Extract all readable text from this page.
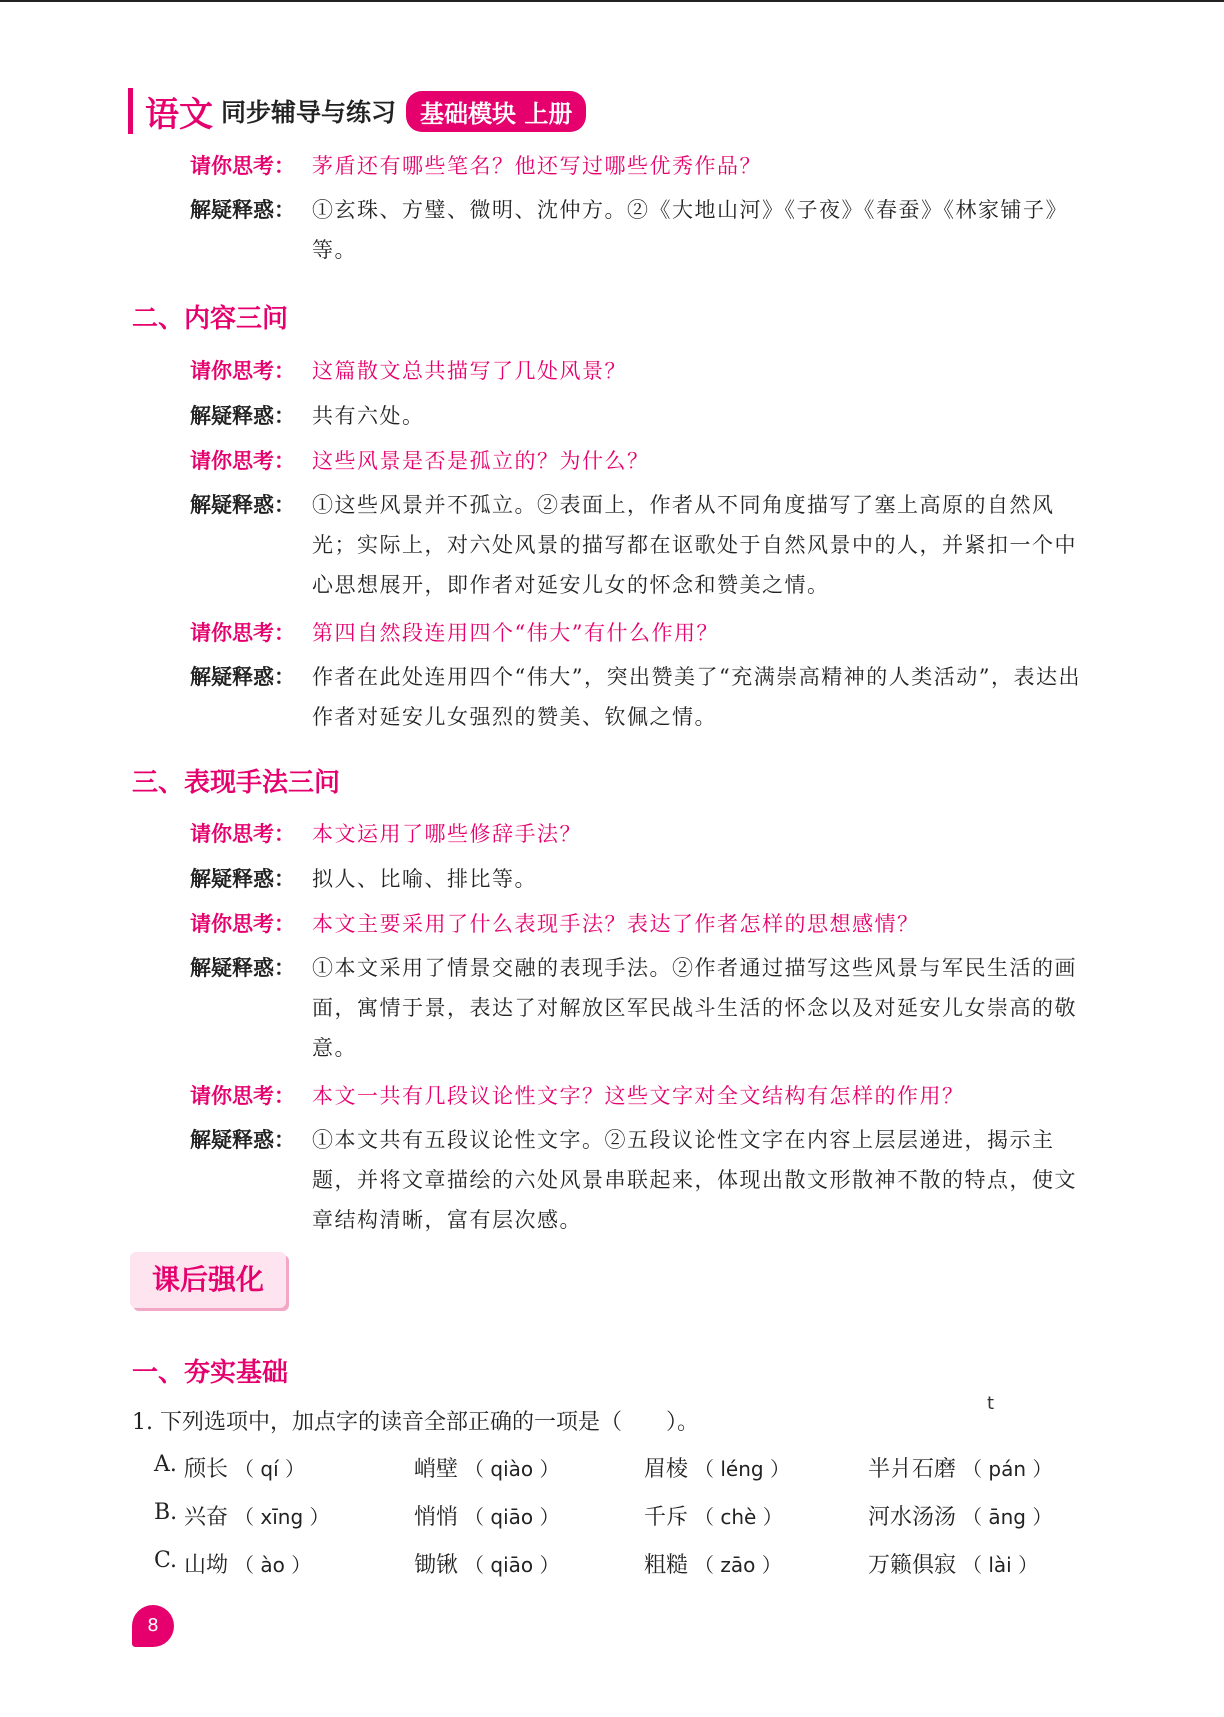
语文 同步辅导与练习	基础模块 上册
请你思考： 茅盾还有哪些笔名？他还写过哪些优秀作品？
解疑释惑： ①玄珠、方璧、微明、沈仲方。②《大地山河》《子夜》《春蚕》《林家铺子》等。
二、内容三问
请你思考： 这篇散文总共描写了几处风景？
解疑释惑： 共有六处。
请你思考： 这些风景是否是孤立的？为什么？
解疑释惑： ①这些风景并不孤立。②表面上，作者从不同角度描写了塞上高原的自然风光；实际上，对六处风景的描写都在讴歌处于自然风景中的人，并紧扣一个中心思想展开，即作者对延安儿女的怀念和赞美之情。
请你思考： 第四自然段连用四个“伟大”有什么作用？
解疑释惑： 作者在此处连用四个“伟大”，突出赞美了“充满崇高精神的人类活动”，表达出作者对延安儿女强烈的赞美、钦佩之情。
三、表现手法三问
请你思考： 本文运用了哪些修辞手法？
解疑释惑： 拟人、比喻、排比等。
请你思考： 本文主要采用了什么表现手法？表达了作者怎样的思想感情？
解疑释惑： ①本文采用了情景交融的表现手法。②作者通过描写这些风景与军民生活的画面，寓情于景，表达了对解放区军民战斗生活的怀念以及对延安儿女崇高的敬意。
请你思考： 本文一共有几段议论性文字？这些文字对全文结构有怎样的作用？
解疑释惑： ①本文共有五段议论性文字。②五段议论性文字在内容上层层递进，揭示主题，并将文章描绘的六处风景串联起来，体现出散文形散神不散的特点，使文章结构清晰，富有层次感。
课后强化
一、夯实基础
1. 下列选项中，加点字的读音全部正确的一项是（　　）。
t
A. 颀长 （ qí ）	峭壁 （ qiào ）	眉棱 （ léng ）	半爿石磨 （ pán ）
B. 兴奋 （ xīng ）	悄悄 （ qiāo ）	千斥 （ chè ）	河水汤汤 （ āng ）
C. 山坳 （ ào ）	锄锹 （ qiāo ）	粗糙 （ zāo ）	万籁俱寂 （ lài ）
8
